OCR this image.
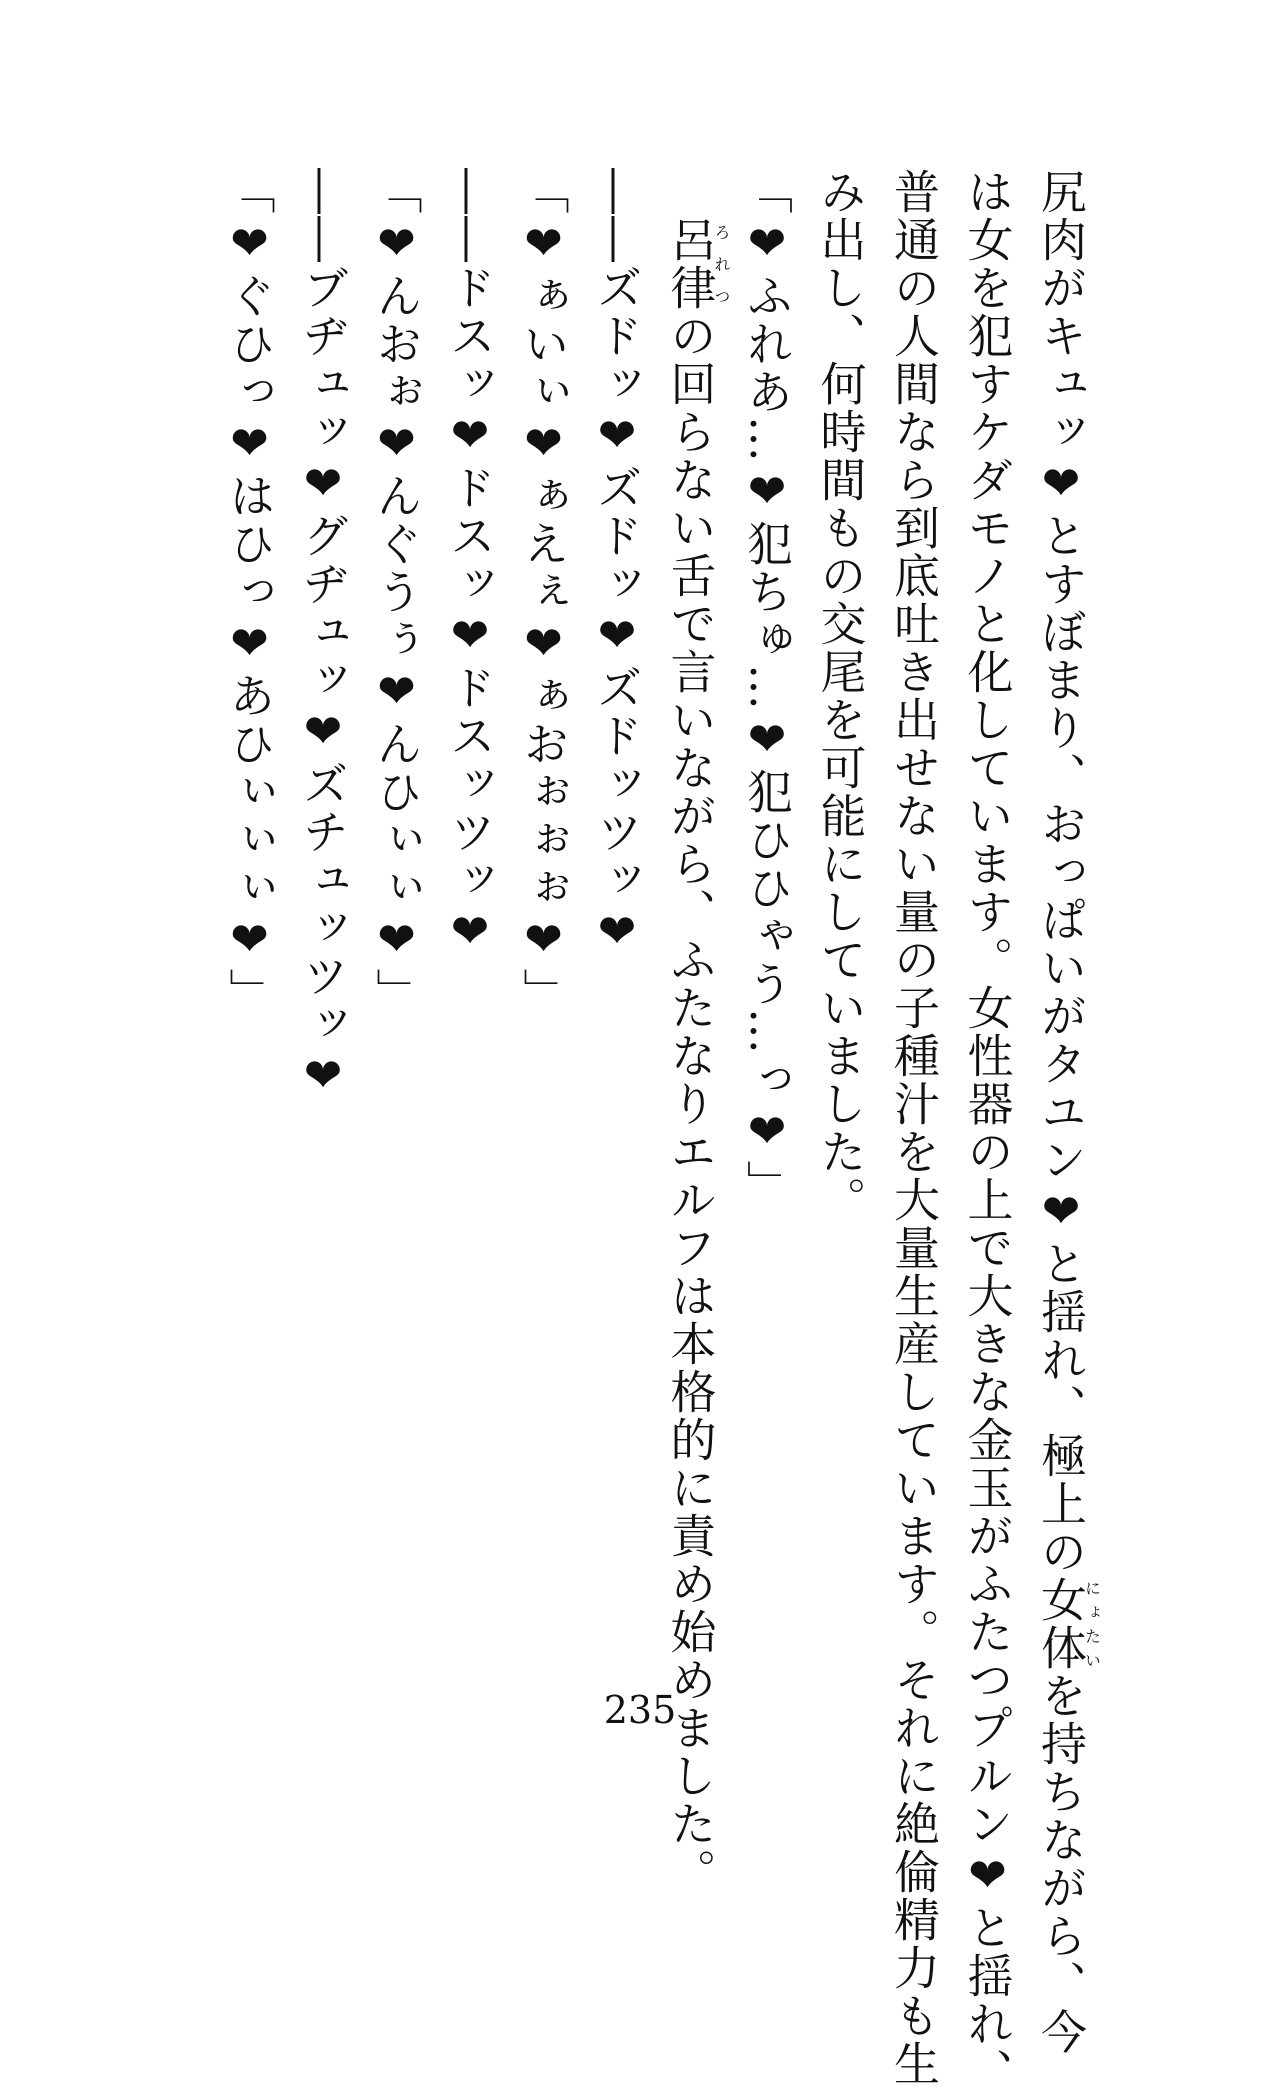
尻肉がキュッ❤とすぼまり、おっぱいがタユン❤と揺れ、極上の女体にょたいを持ちながら、今

は女を犯すケダモノと化しています。女性器の上で大きな金玉がふたつプルン❤と揺れ、

普通の人間なら到底吐き出せない量の子種汁を大量生産しています。それに絶倫精力も生

み出し、何時間もの交尾を可能にしていました。

「❤ふれあ…❤犯ちゅ…❤犯ひひゃう…っ❤」

　呂律ろれつの回らない舌で言いながら、ふたなりエルフは本格的に責め始めました。

――ズドッ❤ズドッ❤ズドッツッ❤

「❤ぁいぃ❤ぁえぇ❤ぁおぉぉぉ❤」

――ドスッ❤ドスッ❤ドスッツッ❤

「❤んおぉ❤んぐうぅ❤んひぃぃ❤」

――ブヂュッ❤グヂュッ❤ズチュッツッ❤

「❤ぐひっ❤はひっ❤あひぃぃぃ❤」

235
